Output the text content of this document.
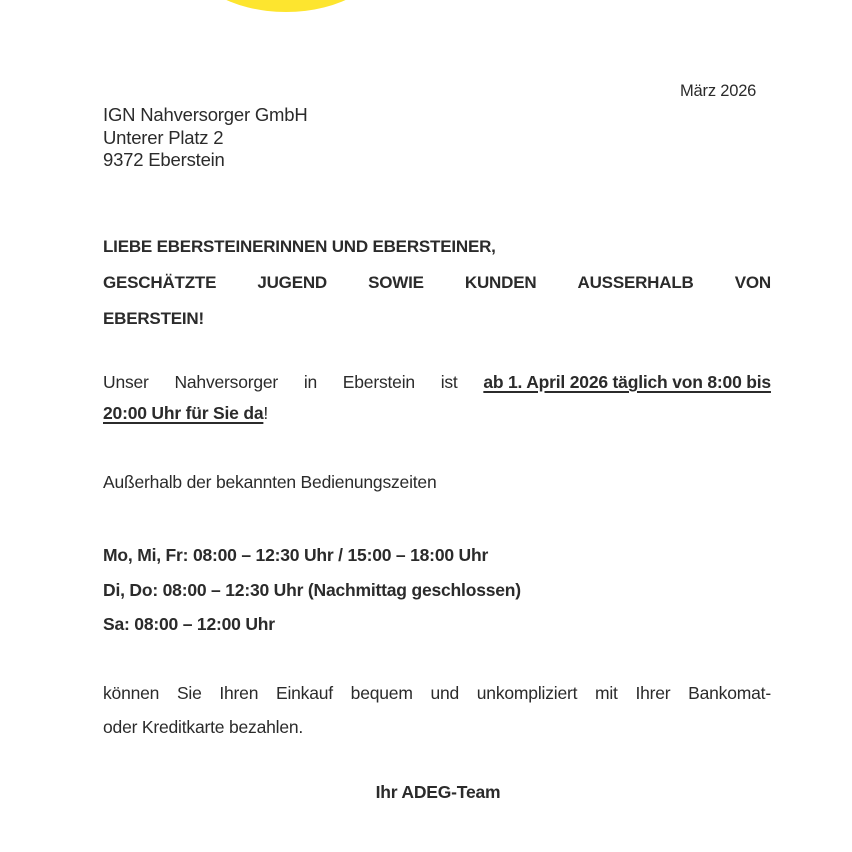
März 2026
IGN Nahversorger GmbH
Unterer Platz 2
9372 Eberstein
LIEBE EBERSTEINERINNEN UND EBERSTEINER,
GESCHÄTZTE JUGEND SOWIE KUNDEN AUSSERHALB VON
EBERSTEIN!
Unser Nahversorger in Eberstein ist ab 1. April 2026 täglich von 8:00 bis
20:00 Uhr für Sie da!
Außerhalb der bekannten Bedienungszeiten
Mo, Mi, Fr: 08:00 – 12:30 Uhr / 15:00 – 18:00 Uhr
Di, Do: 08:00 – 12:30 Uhr (Nachmittag geschlossen)
Sa: 08:00 – 12:00 Uhr
können Sie Ihren Einkauf bequem und unkompliziert mit Ihrer Bankomat-
oder Kreditkarte bezahlen.
Ihr ADEG-Team
